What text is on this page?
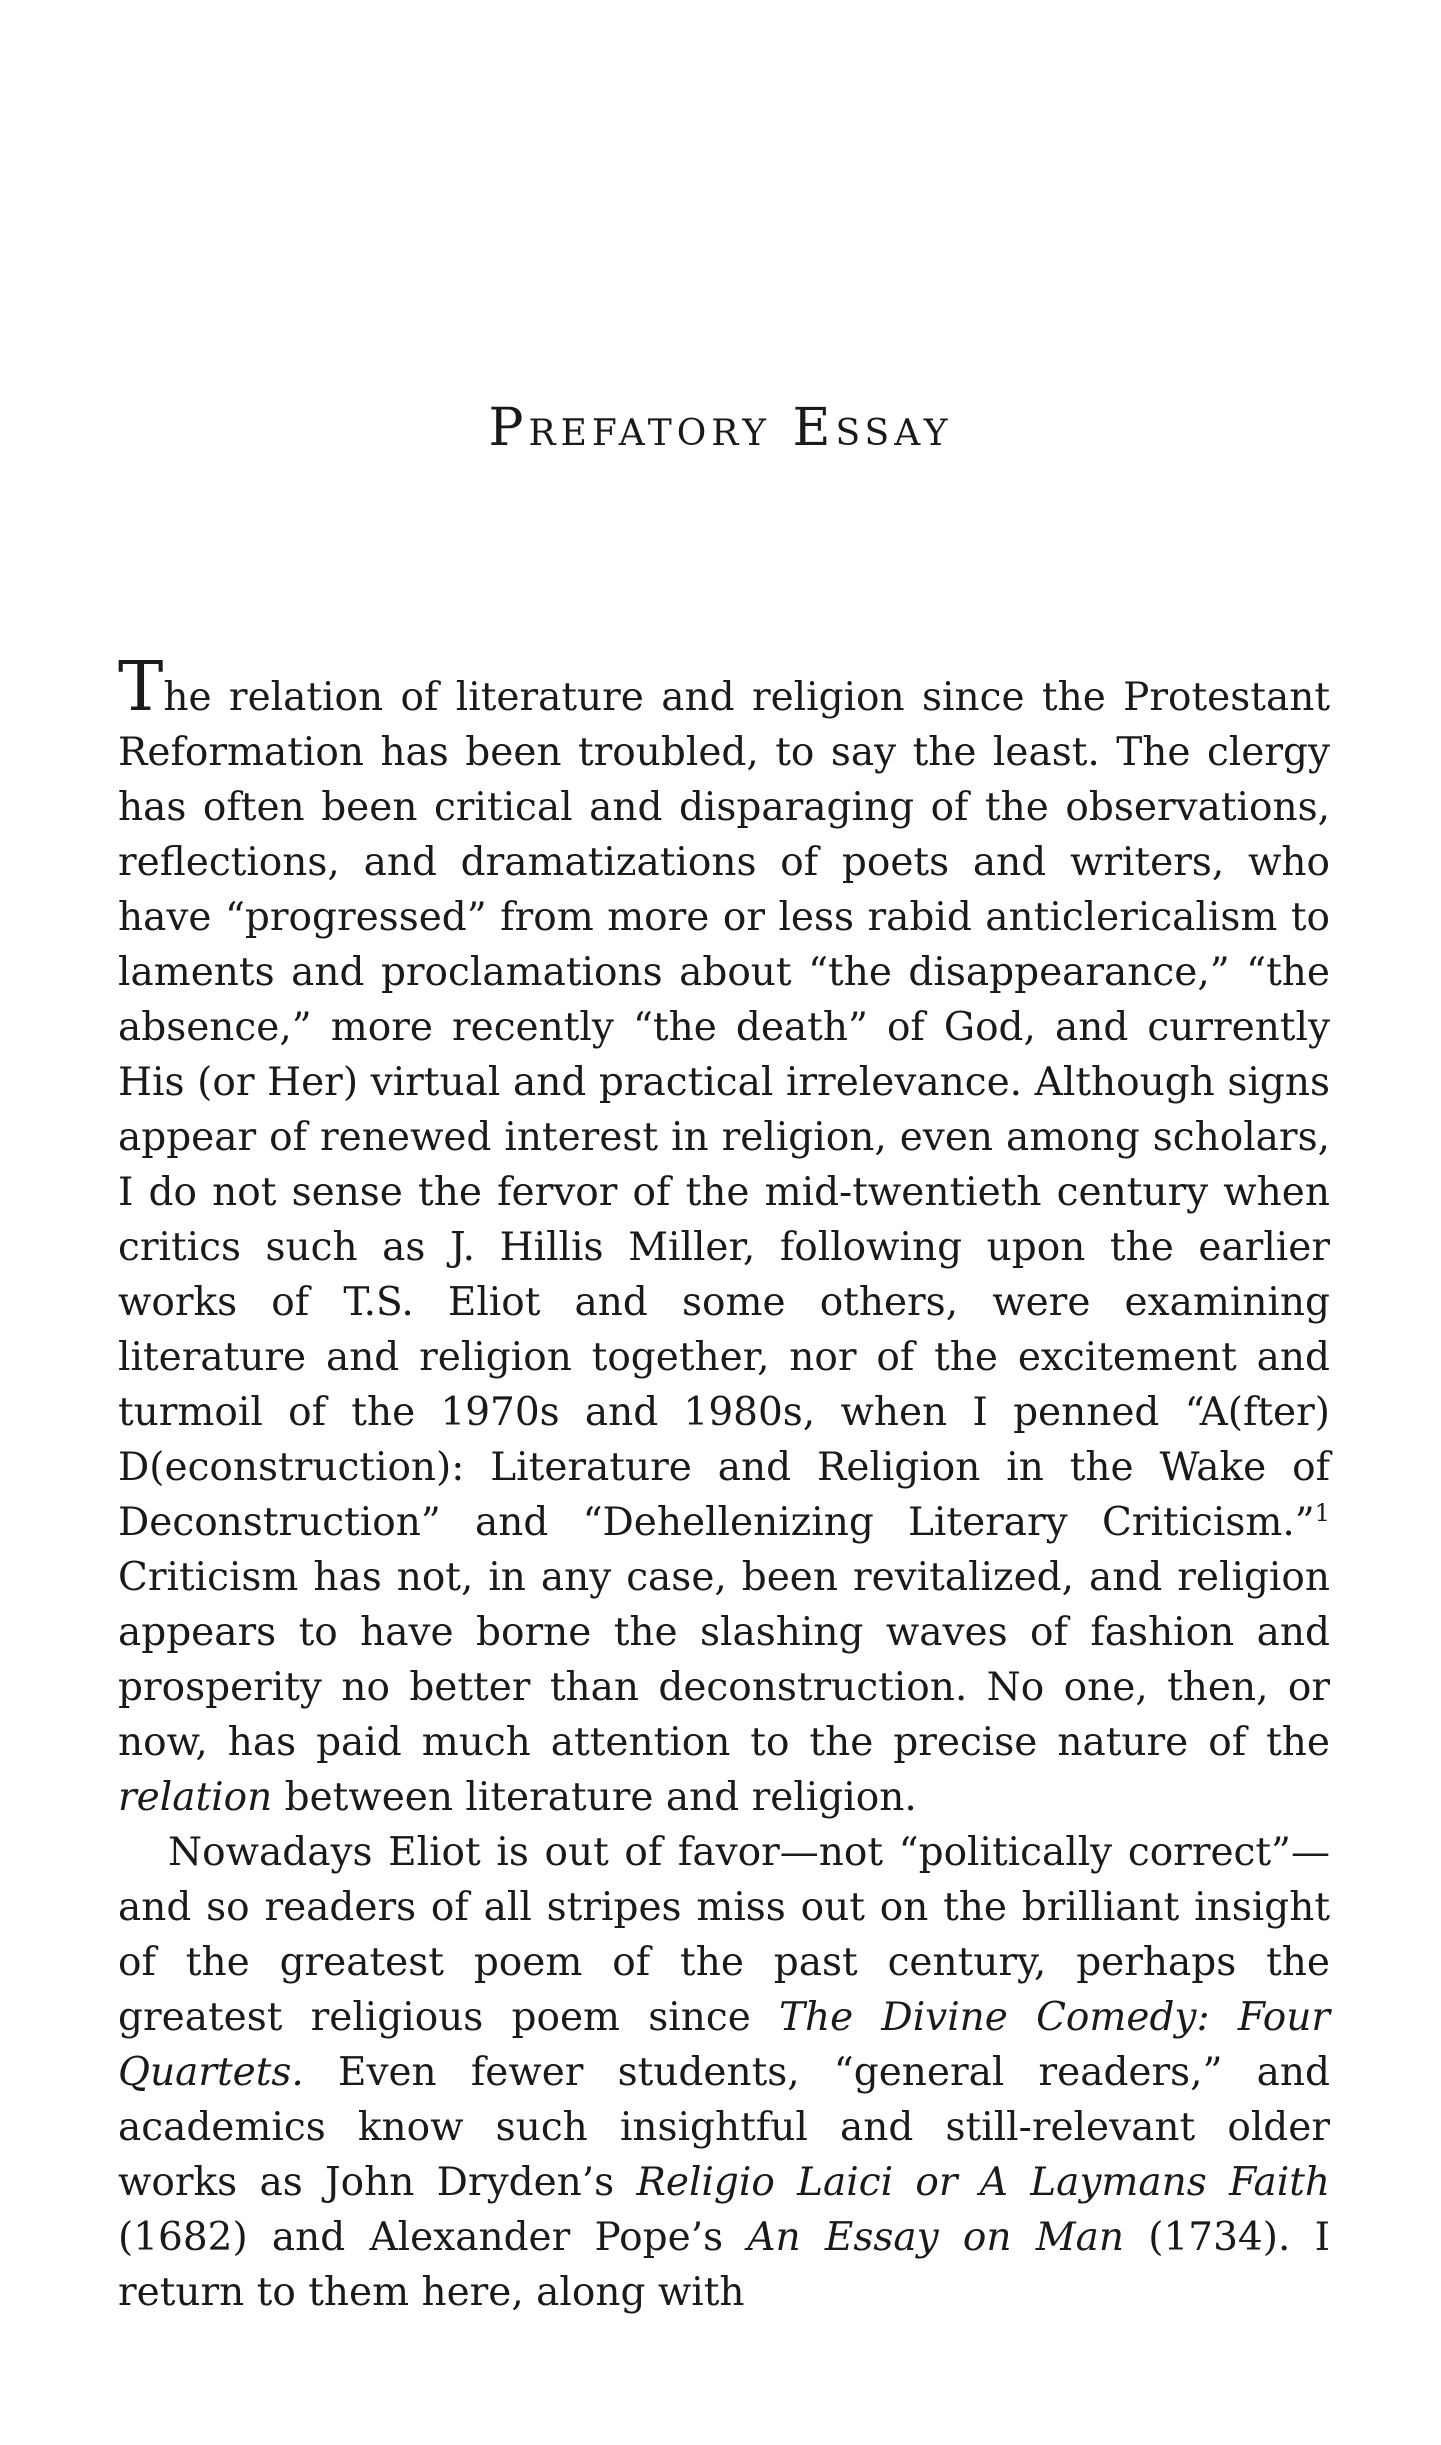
Prefatory Essay

The relation of literature and religion since the Protestant Reformation has been troubled, to say the least. The clergy has often been critical and disparaging of the observations, reflections, and dramatizations of poets and writers, who have “progressed” from more or less rabid anticlericalism to laments and proclamations about “the disappearance,” “the absence,” more recently “the death” of God, and currently His (or Her) virtual and practical irrelevance. Although signs appear of renewed interest in religion, even among scholars, I do not sense the fervor of the mid-twentieth century when critics such as J. Hillis Miller, following upon the earlier works of T.S. Eliot and some others, were examining literature and religion together, nor of the excitement and turmoil of the 1970s and 1980s, when I penned “A(fter) D(econstruction): Literature and Religion in the Wake of Deconstruction” and “Dehellenizing Literary Criticism.”$^1$ Criticism has not, in any case, been revitalized, and religion appears to have borne the slashing waves of fashion and prosperity no better than deconstruction. No one, then, or now, has paid much attention to the precise nature of the relation between literature and religion.

Nowadays Eliot is out of favor—not “politically correct”—and so readers of all stripes miss out on the brilliant insight of the greatest poem of the past century, perhaps the greatest religious poem since The Divine Comedy: Four Quartets. Even fewer students, “general readers,” and academics know such insightful and still-relevant older works as John Dryden’s Religio Laici or A Laymans Faith (1682) and Alexander Pope’s An Essay on Man (1734). I return to them here, along with
